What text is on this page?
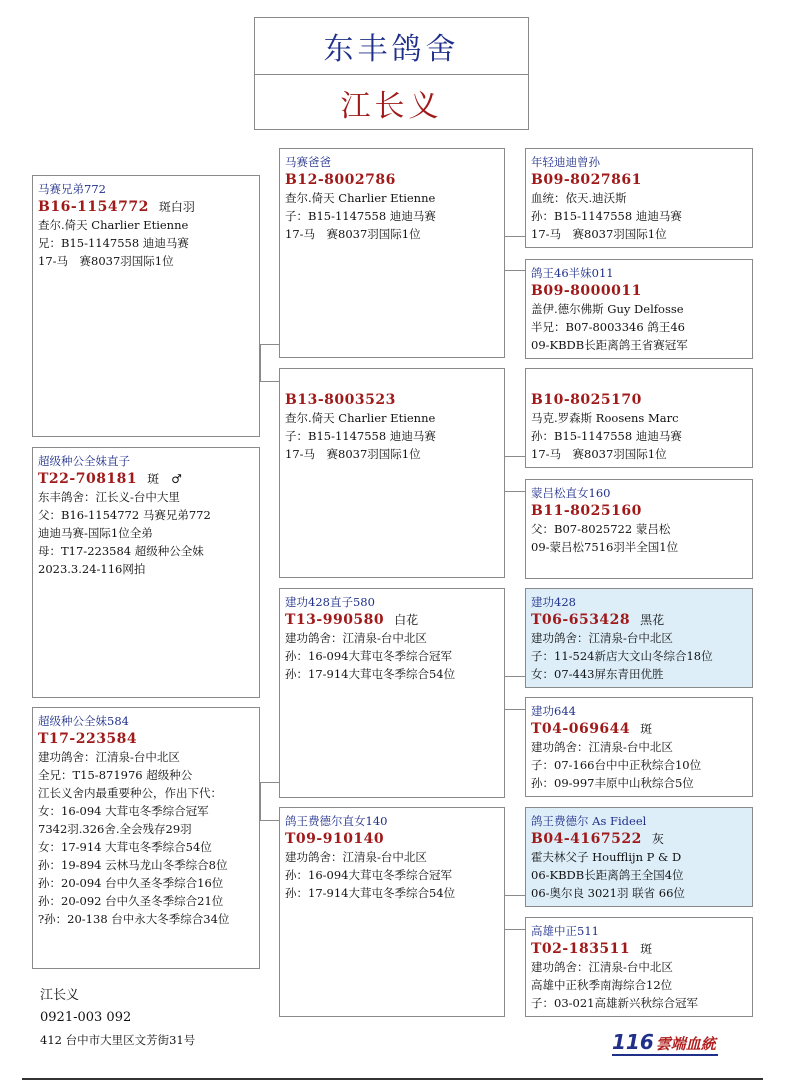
东丰鸽舍
江长义
马赛兄弟772
B16-1154772 斑白羽
查尔.倚天 Charlier Etienne
兄：B15-1147558 迪迪马赛
17-马　赛8037羽国际1位
超级种公全妹直子
T22-708181 斑　♂
东丰鸽舍：江长义-台中大里
父：B16-1154772 马赛兄弟772
迪迪马赛-国际1位全弟
母：T17-223584 超级种公全妹
2023.3.24-116网拍
超级种公全妹584
T17-223584
建功鸽舍：江清泉-台中北区
全兄：T15-871976 超级种公
江长义舍内最重要种公，作出下代：
女：16-094 大茸屯冬季综合冠军
7342羽.326舍.全会残存29羽
女：17-914 大茸屯冬季综合54位
孙：19-894 云林马龙山冬季综合8位
孙：20-094 台中久圣冬季综合16位
孙：20-092 台中久圣冬季综合21位
?孙：20-138 台中永大冬季综合34位
马赛爸爸
B12-8002786
查尔.倚天 Charlier Etienne
子：B15-1147558 迪迪马赛
17-马　赛8037羽国际1位
B13-8003523
查尔.倚天 Charlier Etienne
子：B15-1147558 迪迪马赛
17-马　赛8037羽国际1位
建功428直子580
T13-990580 白花
建功鸽舍：江清泉-台中北区
孙：16-094大茸屯冬季综合冠军
孙：17-914大茸屯冬季综合54位
鸽王费德尔直女140
T09-910140
建功鸽舍：江清泉-台中北区
孙：16-094大茸屯冬季综合冠军
孙：17-914大茸屯冬季综合54位
年轻迪迪曾孙
B09-8027861
血统：依天.迪沃斯
孙：B15-1147558 迪迪马赛
17-马　赛8037羽国际1位
鸽王46半妹011
B09-8000011
盖伊.德尔佛斯 Guy Delfosse
半兄：B07-8003346 鸽王46
09-KBDB长距离鸽王省赛冠军
B10-8025170
马克.罗森斯 Roosens Marc
孙：B15-1147558 迪迪马赛
17-马　赛8037羽国际1位
蒙吕松直女160
B11-8025160
父：B07-8025722 蒙吕松
09-蒙吕松7516羽半全国1位
建功428
T06-653428 黑花
建功鸽舍：江清泉-台中北区
子：11-524新店大文山冬综合18位
女：07-443屏东青田优胜
建功644
T04-069644 斑
建功鸽舍：江清泉-台中北区
子：07-166台中中正秋综合10位
孙：09-997丰原中山秋综合5位
鸽王费德尔 As Fideel
B04-4167522 灰
霍夫林父子 Houfflijn P & D
06-KBDB长距离鸽王全国4位
06-奥尔良 3021羽 联省 66位
高雄中正511
T02-183511 斑
建功鸽舍：江清泉-台中北区
高雄中正秋季南海综合12位
子：03-021高雄新兴秋综合冠军
江长义
0921-003 092
412 台中市大里区文芳街31号	116 雲端血統
